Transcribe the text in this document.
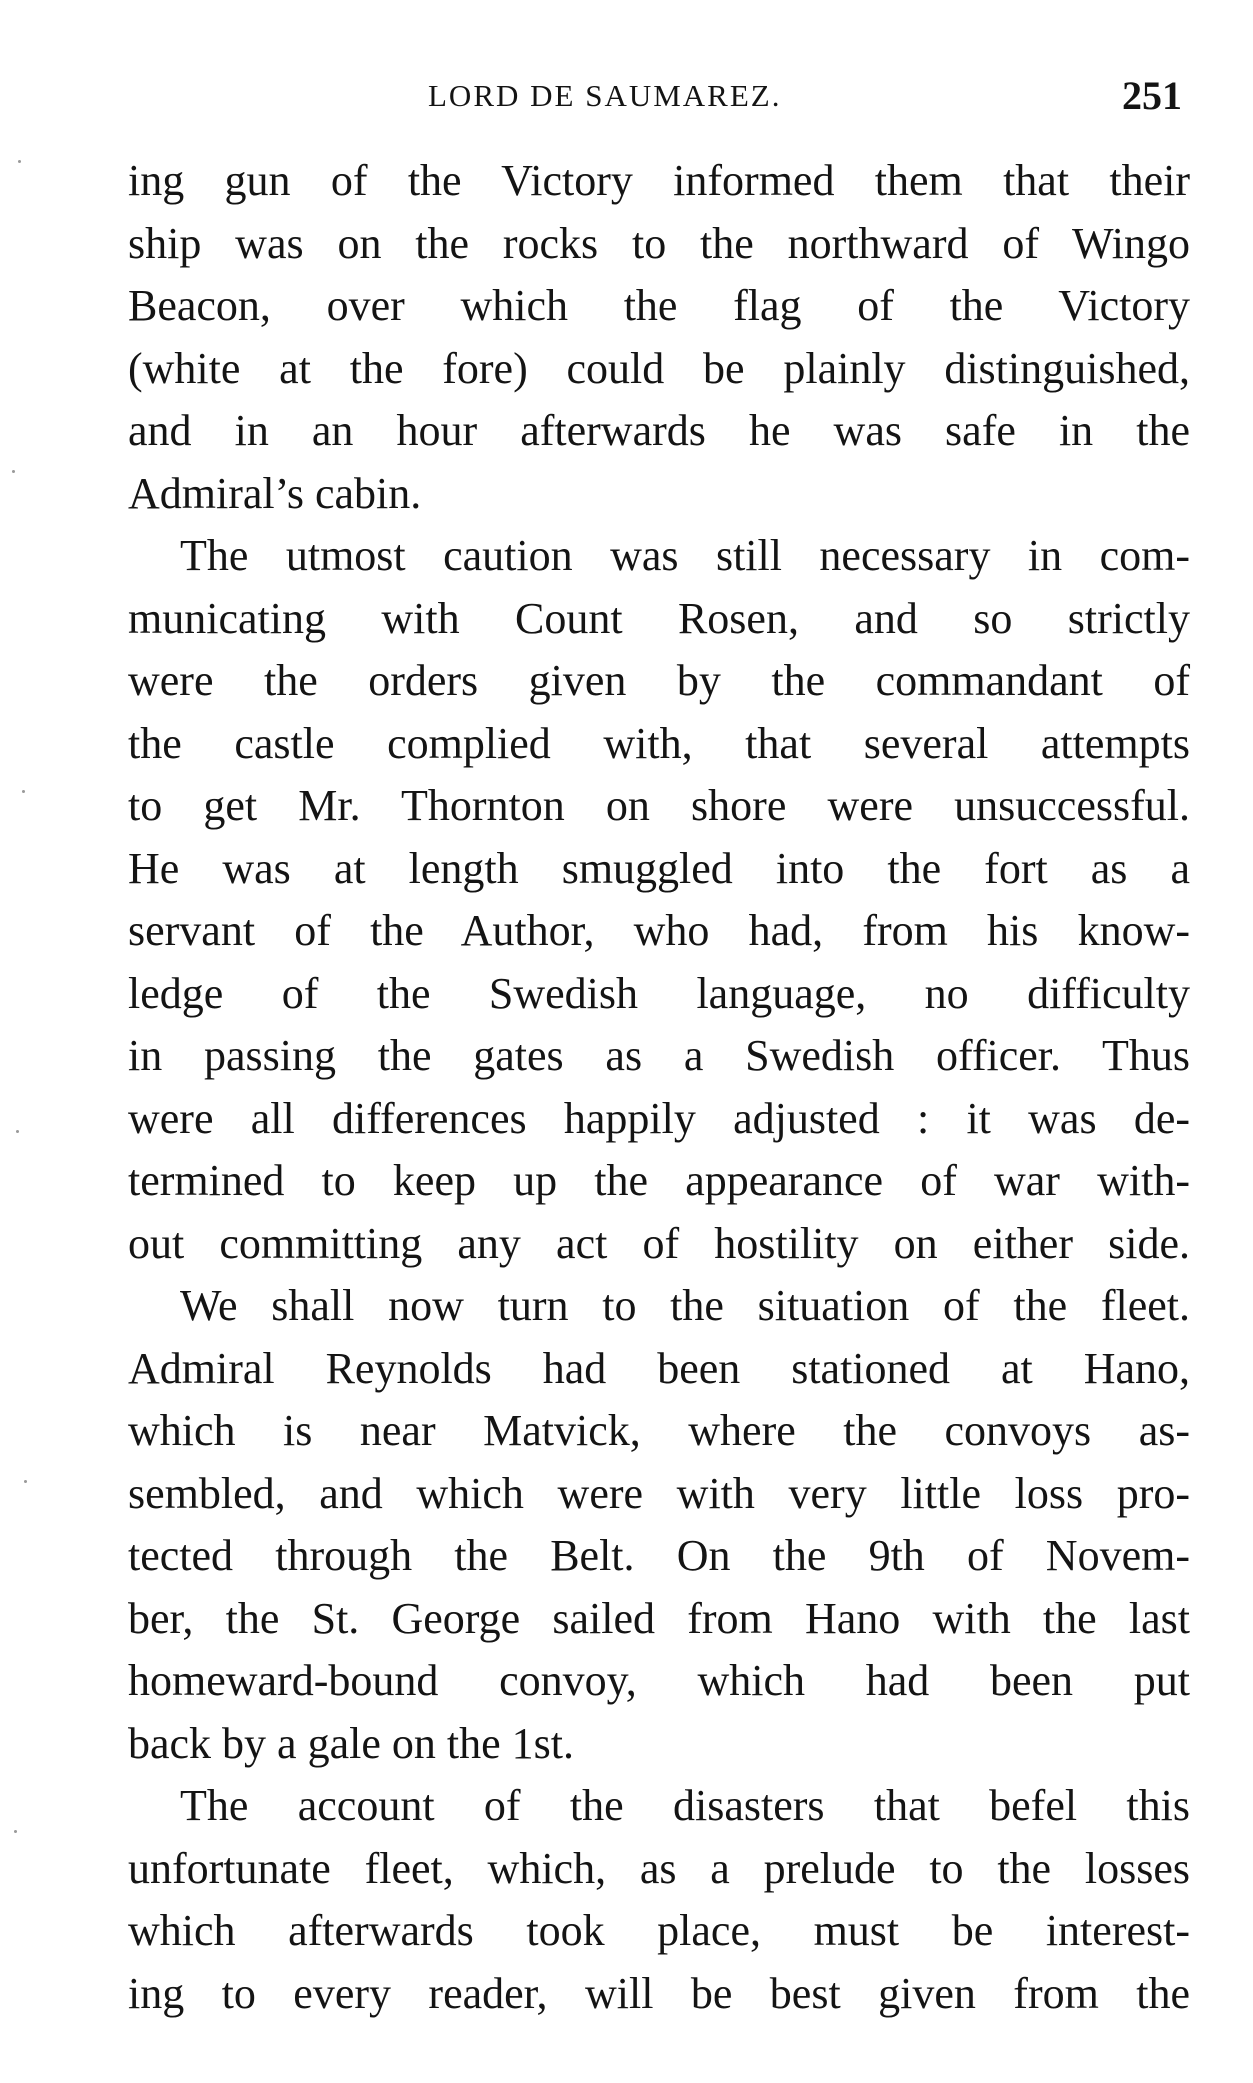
LORD DE SAUMAREZ.	251
ing gun of the Victory informed them that their
ship was on the rocks to the northward of Wingo
Beacon, over which the flag of the Victory
(white at the fore) could be plainly distinguished,
and in an hour afterwards he was safe in the
Admiral’s cabin.
The utmost caution was still necessary in com-
municating with Count Rosen, and so strictly
were the orders given by the commandant of
the castle complied with, that several attempts
to get Mr. Thornton on shore were unsuccessful.
He was at length smuggled into the fort as a
servant of the Author, who had, from his know-
ledge of the Swedish language, no difficulty
in passing the gates as a Swedish officer. Thus
were all differences happily adjusted : it was de-
termined to keep up the appearance of war with-
out committing any act of hostility on either side.
We shall now turn to the situation of the fleet.
Admiral Reynolds had been stationed at Hano,
which is near Matvick, where the convoys as-
sembled, and which were with very little loss pro-
tected through the Belt. On the 9th of Novem-
ber, the St. George sailed from Hano with the last
homeward-bound convoy, which had been put
back by a gale on the 1st.
The account of the disasters that befel this
unfortunate fleet, which, as a prelude to the losses
which afterwards took place, must be interest-
ing to every reader, will be best given from the
